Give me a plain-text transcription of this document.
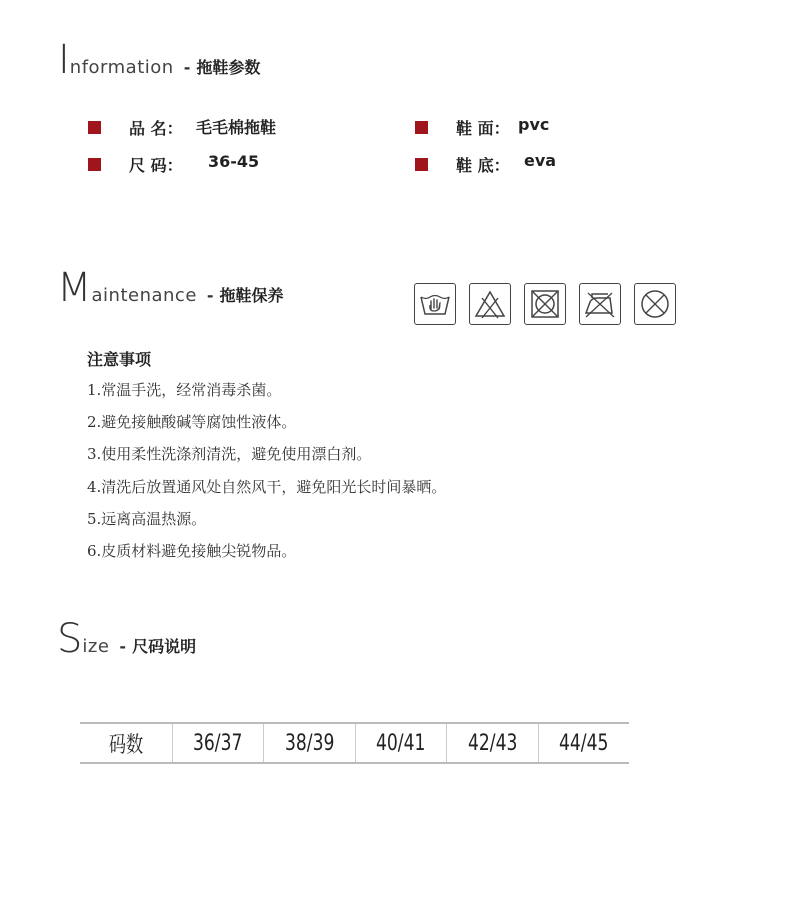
I nformation - 拖鞋参数
品 名： 毛毛棉拖鞋
尺 码： 36-45
鞋 面： pvc
鞋 底： eva
M aintenance - 拖鞋保养
注意事项
1.常温手洗，经常消毒杀菌。
2.避免接触酸碱等腐蚀性液体。
3.使用柔性洗涤剂清洗，避免使用漂白剂。
4.清洗后放置通风处自然风干，避免阳光长时间暴晒。
5.远离高温热源。
6.皮质材料避免接触尖锐物品。
S ize - 尺码说明
码数 36/37 38/39 40/41 42/43 44/45
